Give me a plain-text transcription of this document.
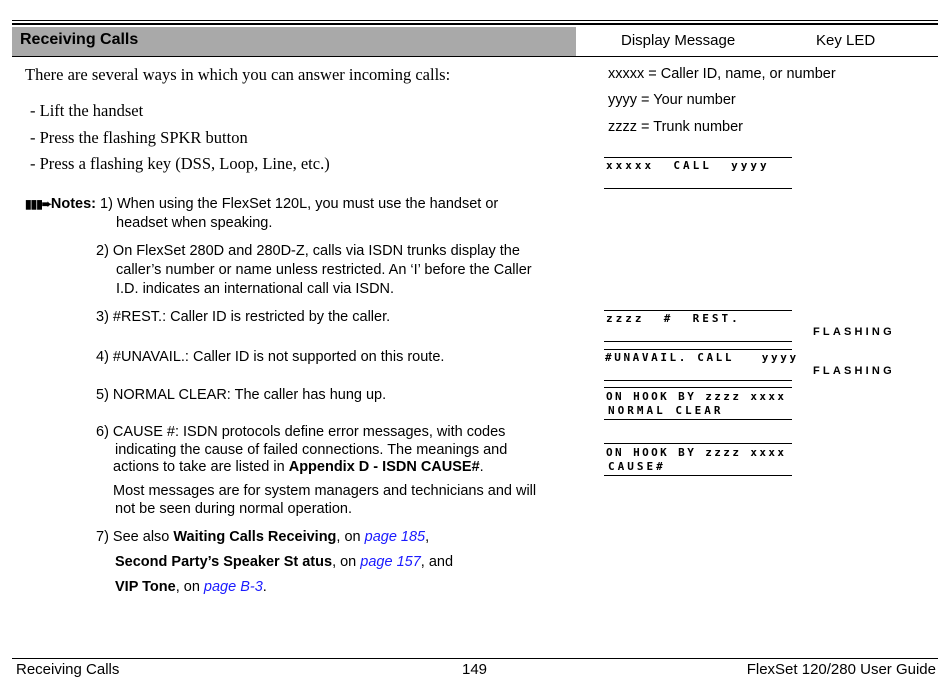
Receiving Calls	Display Message	Key LED
There are several ways in which you can answer incoming calls:
- Lift the handset
- Press the flashing SPKR button
- Press a flashing key (DSS, Loop, Line, etc.)
xxxxx = Caller ID, name, or number
yyyy = Your number
zzzz = Trunk number
▮▮▮➨Notes: 1) When using the FlexSet 120L, you must use the handset or
headset when speaking.
2) On FlexSet 280D and 280D-Z, calls via ISDN trunks display the
caller’s number or name unless restricted. An ‘I’ before the Caller
I.D. indicates an international call via ISDN.
3) #REST.: Caller ID is restricted by the caller.
4) #UNAVAIL.: Caller ID is not supported on this route.
5) NORMAL CLEAR: The caller has hung up.
6) CAUSE #: ISDN protocols define error messages, with codes
indicating the cause of failed connections. The meanings and
actions to take are listed in Appendix D - ISDN CAUSE#.
Most messages are for system managers and technicians and will
not be seen during normal operation.
7) See also Waiting Calls Receiving, on page 185,
Second Party’s Speaker St atus, on page 157, and
VIP Tone, on page B-3.
xxxxx  CALL  yyyy
zzzz  #  REST.
#UNAVAIL. CALL   yyyy
ON HOOK BY zzzz xxxx
NORMAL CLEAR
ON HOOK BY zzzz xxxx
CAUSE#
FLASHING
FLASHING
Receiving Calls	149	FlexSet 120/280 User Guide
